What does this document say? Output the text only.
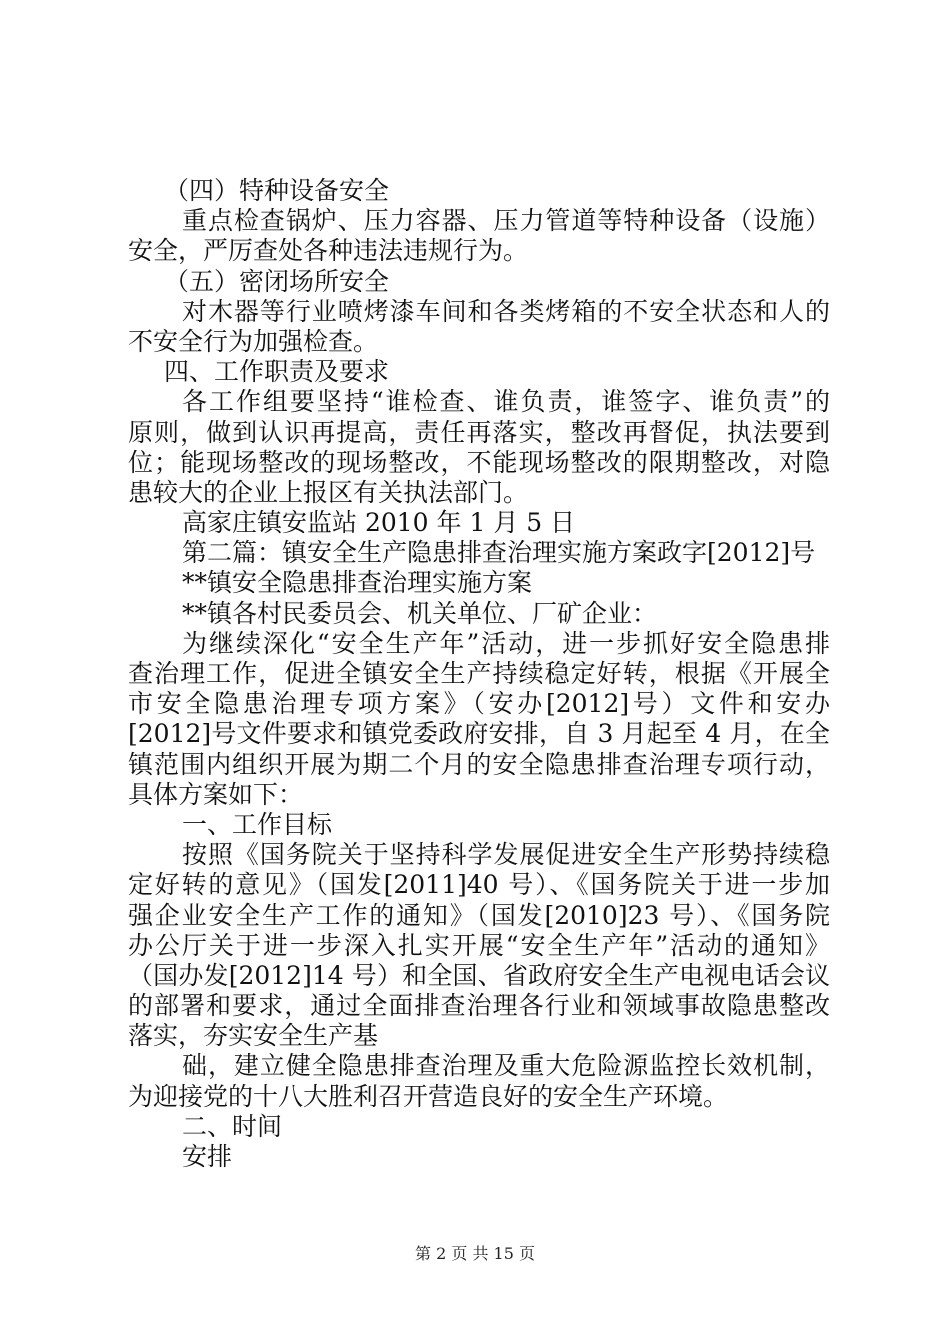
（四）特种设备安全
重点检查锅炉、压力容器、压力管道等特种设备（设施）
安全，严厉查处各种违法违规行为。
（五）密闭场所安全
对木器等行业喷烤漆车间和各类烤箱的不安全状态和人的
不安全行为加强检查。
四、工作职责及要求
各工作组要坚持“谁检查、谁负责，谁签字、谁负责”的
原则，做到认识再提高，责任再落实，整改再督促，执法要到
位；能现场整改的现场整改，不能现场整改的限期整改，对隐
患较大的企业上报区有关执法部门。
高家庄镇安监站 2010 年 1 月 5 日
第二篇：镇安全生产隐患排查治理实施方案政字[2012]号
**镇安全隐患排查治理实施方案
**镇各村民委员会、机关单位、厂矿企业：
为继续深化“安全生产年”活动，进一步抓好安全隐患排
查治理工作，促进全镇安全生产持续稳定好转，根据《开展全
市安全隐患治理专项方案》（安办[2012]号）文件和安办
[2012]号文件要求和镇党委政府安排，自 3 月起至 4 月，在全
镇范围内组织开展为期二个月的安全隐患排查治理专项行动，
具体方案如下：
一、工作目标
按照《国务院关于坚持科学发展促进安全生产形势持续稳
定好转的意见》（国发[2011]40 号）、《国务院关于进一步加
强企业安全生产工作的通知》（国发[2010]23 号）、《国务院
办公厅关于进一步深入扎实开展“安全生产年”活动的通知》
（国办发[2012]14 号）和全国、省政府安全生产电视电话会议
的部署和要求，通过全面排查治理各行业和领域事故隐患整改
落实，夯实安全生产基
础，建立健全隐患排查治理及重大危险源监控长效机制，
为迎接党的十八大胜利召开营造良好的安全生产环境。
二、时间
安排
第 2 页 共 15 页
